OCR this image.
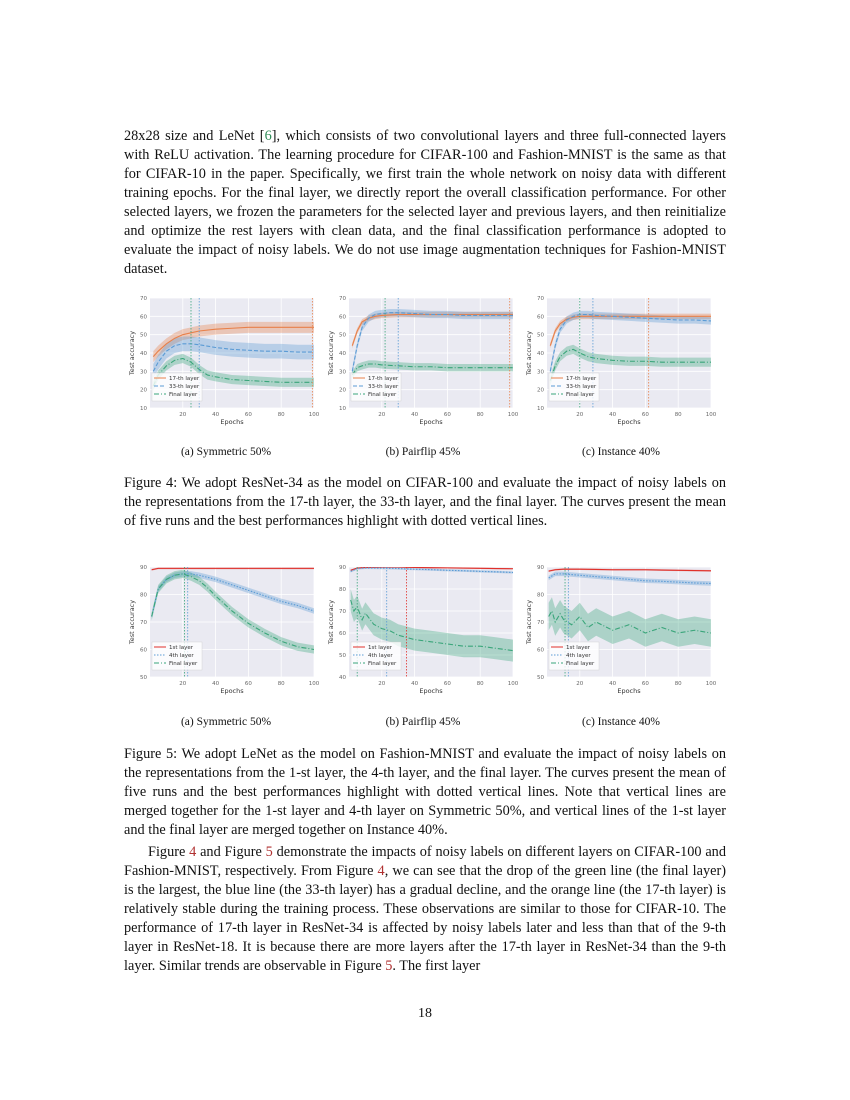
28x28 size and LeNet [6], which consists of two convolutional layers and three full-connected layers with ReLU activation. The learning procedure for CIFAR-100 and Fashion-MNIST is the same as that for CIFAR-10 in the paper. Specifically, we first train the whole network on noisy data with different training epochs. For the final layer, we directly report the overall classification performance. For other selected layers, we frozen the parameters for the selected layer and previous layers, and then reinitialize and optimize the rest layers with clean data, and the final classification performance is adopted to evaluate the impact of noisy labels. We do not use image augmentation techniques for Fashion-MNIST dataset.

10
20
30
40
50
60
70
20	40	60	80	100
Epochs
Test accuracy
17-th layer
33-th layer
Final layer
10
20
30
40
50
60
70
20	40	60	80	100
Epochs
Test accuracy
17-th layer
33-th layer
Final layer
10
20
30
40
50
60
70
20	40	60	80	100
Epochs
Test accuracy
17-th layer
33-th layer
Final layer
(a) Symmetric 50%	(b) Pairflip 45%	(c) Instance 40%

Figure 4: We adopt ResNet-34 as the model on CIFAR-100 and evaluate the impact of noisy labels on the representations from the 17-th layer, the 33-th layer, and the final layer. The curves present the mean of five runs and the best performances highlight with dotted vertical lines.

50
60
70
80
90
20	40	60	80	100
Epochs
Test accuracy
1st layer
4th layer
Final layer
40
50
60
70
80
90
20	40	60	80	100
Epochs
Test accuracy
1st layer
4th layer
Final layer
50
60
70
80
90
20	40	60	80	100
Epochs
Test accuracy
1st layer
4th layer
Final layer
(a) Symmetric 50%	(b) Pairflip 45%	(c) Instance 40%

Figure 5: We adopt LeNet as the model on Fashion-MNIST and evaluate the impact of noisy labels on the representations from the 1-st layer, the 4-th layer, and the final layer. The curves present the mean of five runs and the best performances highlight with dotted vertical lines. Note that vertical lines are merged together for the 1-st layer and 4-th layer on Symmetric 50%, and vertical lines of the 1-st layer and the final layer are merged together on Instance 40%.

Figure 4 and Figure 5 demonstrate the impacts of noisy labels on different layers on CIFAR-100 and Fashion-MNIST, respectively. From Figure 4, we can see that the drop of the green line (the final layer) is the largest, the blue line (the 33-th layer) has a gradual decline, and the orange line (the 17-th layer) is relatively stable during the training process. These observations are similar to those for CIFAR-10. The performance of 17-th layer in ResNet-34 is affected by noisy labels later and less than that of the 9-th layer in ResNet-18. It is because there are more layers after the 17-th layer in ResNet-34 than the 9-th layer. Similar trends are observable in Figure 5. The first layer

18
